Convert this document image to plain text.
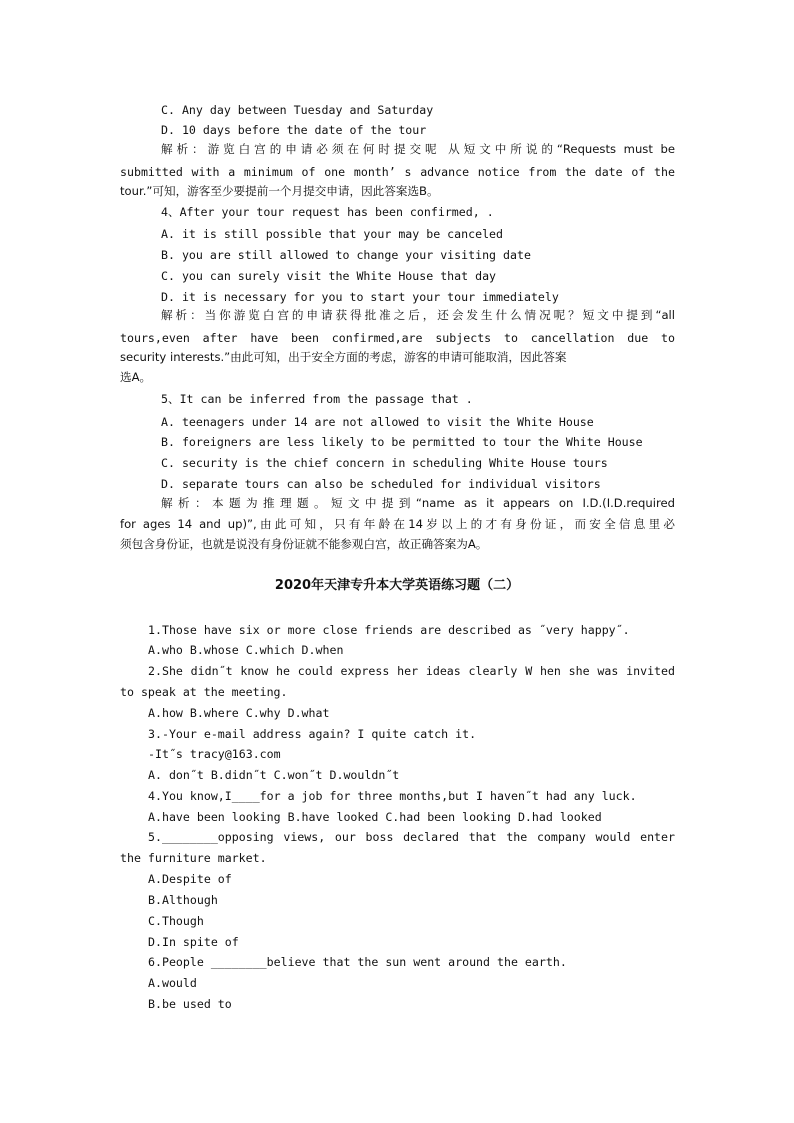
C. Any day between Tuesday and Saturday
D. 10 days before the date of the tour
解析：游览白宫的申请必须在何时提交呢 从短文中所说的“Requests must be
submitted with a minimum of one month’ s advance notice from the date of the
tour.”可知，游客至少要提前一个月提交申请，因此答案选B。
4、After your tour request has been confirmed, .
A. it is still possible that your may be canceled
B. you are still allowed to change your visiting date
C. you can surely visit the White House that day
D. it is necessary for you to start your tour immediately
解析：当你游览白宫的申请获得批准之后，还会发生什么情况呢？短文中提到“all
tours,even after have been confirmed,are subjects to cancellation due to
security interests.”由此可知，出于安全方面的考虑，游客的申请可能取消，因此答案
选A。
5、It can be inferred from the passage that .
A. teenagers under 14 are not allowed to visit the White House
B. foreigners are less likely to be permitted to tour the White House
C. security is the chief concern in scheduling White House tours
D. separate tours can also be scheduled for individual visitors
解析：本题为推理题。短文中提到“name as it appears on I.D.(I.D.required
for ages 14 and up)”,由此可知，只有年龄在14岁以上的才有身份证，而安全信息里必
须包含身份证，也就是说没有身份证就不能参观白宫，故正确答案为A。
2020年天津专升本大学英语练习题（二）
1.Those have six or more close friends are described as ˝very happy˝.
A.who B.whose C.which D.when
2.She didn˝t know he could express her ideas clearly W hen she was invited
to speak at the meeting.
A.how B.where C.why D.what
3.-Your e-mail address again? I quite catch it.
-It˝s tracy@163.com
A. don˝t B.didn˝t C.won˝t D.wouldn˝t
4.You know,I____for a job for three months,but I haven˝t had any luck.
A.have been looking B.have looked C.had been looking D.had looked
5.________opposing views, our boss declared that the company would enter
the furniture market.
A.Despite of
B.Although
C.Though
D.In spite of
6.People ________believe that the sun went around the earth.
A.would
B.be used to
